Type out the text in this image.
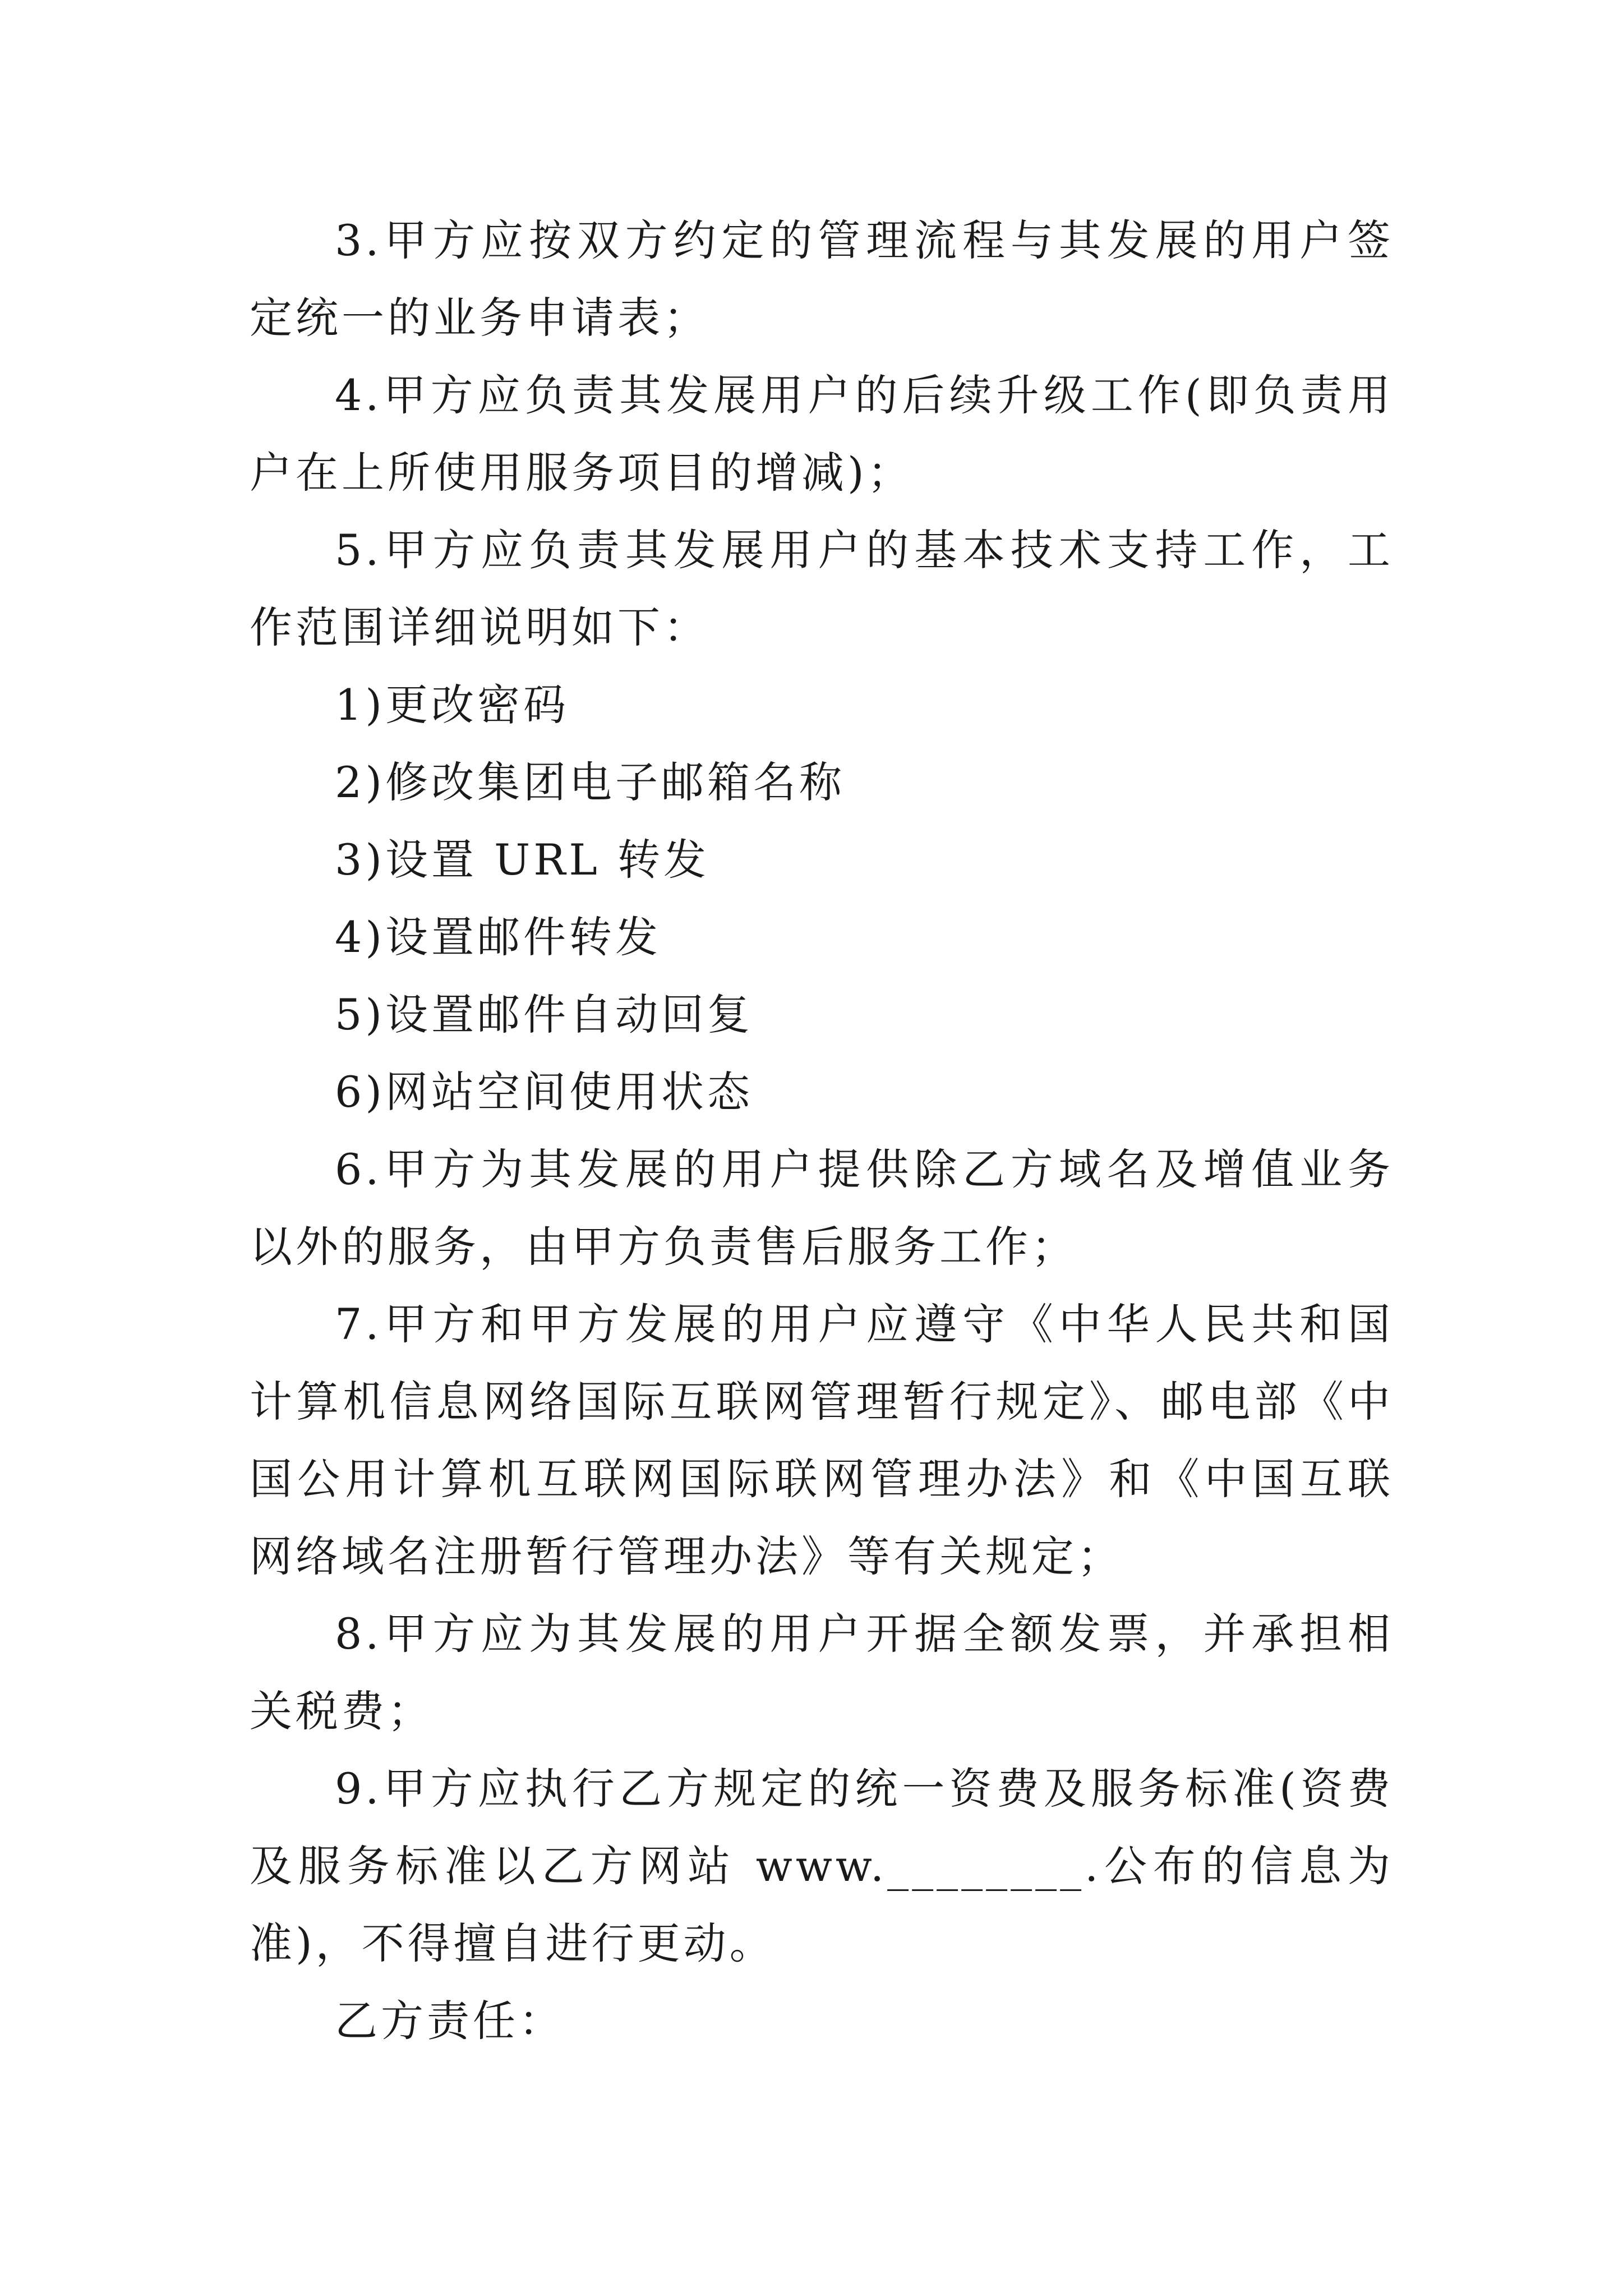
3.甲方应按双方约定的管理流程与其发展的用户签定统一的业务申请表；

4.甲方应负责其发展用户的后续升级工作(即负责用户在上所使用服务项目的增减)；

5.甲方应负责其发展用户的基本技术支持工作，工作范围详细说明如下：

1)更改密码

2)修改集团电子邮箱名称

3)设置 URL 转发

4)设置邮件转发

5)设置邮件自动回复

6)网站空间使用状态

6.甲方为其发展的用户提供除乙方域名及增值业务以外的服务，由甲方负责售后服务工作；

7.甲方和甲方发展的用户应遵守《中华人民共和国计算机信息网络国际互联网管理暂行规定》、邮电部《中国公用计算机互联网国际联网管理办法》和《中国互联网络域名注册暂行管理办法》等有关规定；

8.甲方应为其发展的用户开据全额发票，并承担相关税费；

9.甲方应执行乙方规定的统一资费及服务标准(资费及服务标准以乙方网站 www.________.公布的信息为准)，不得擅自进行更动。

乙方责任：
